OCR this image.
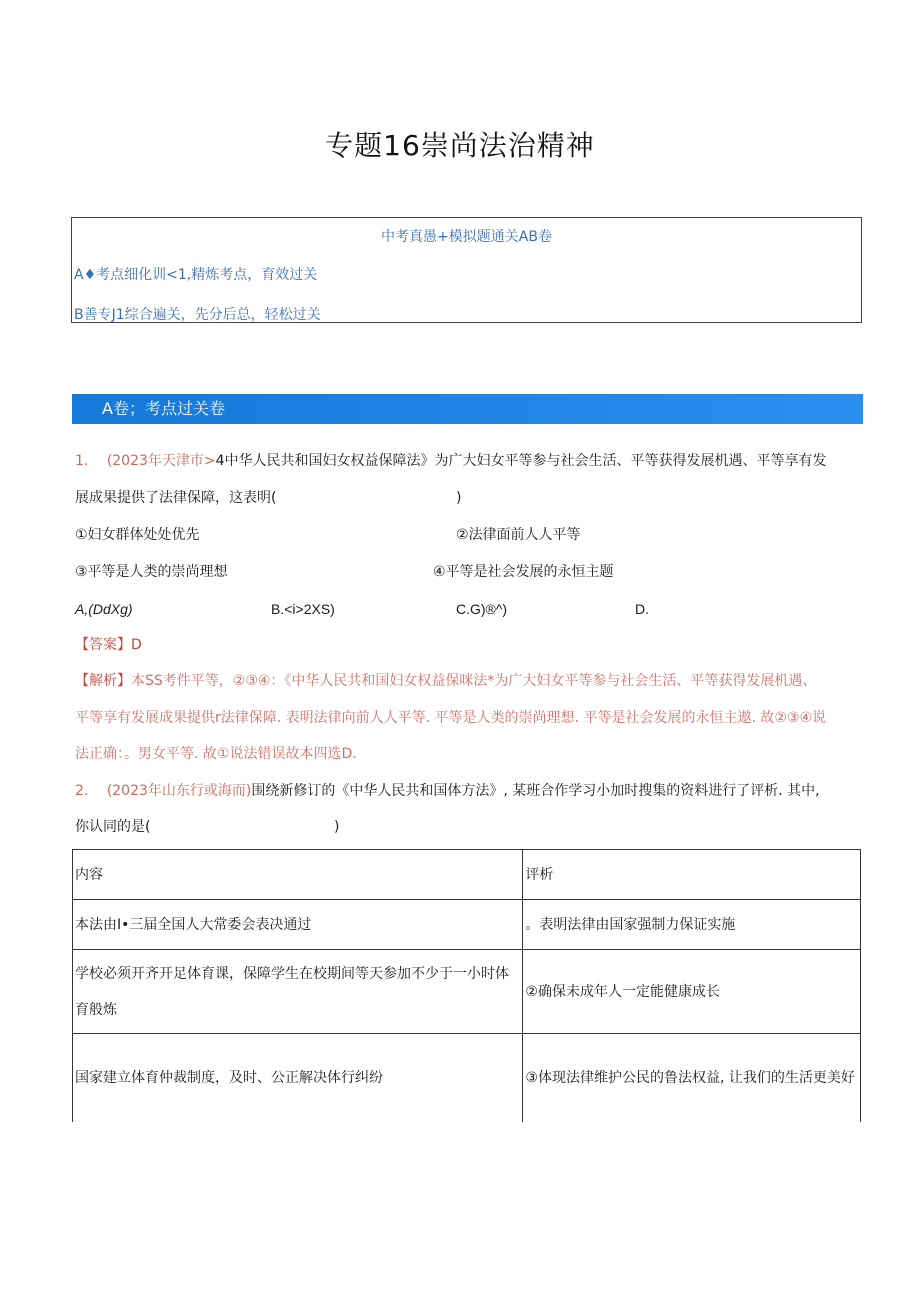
专题16崇尚法治精神
中考真愚+模拟题通关AB卷
A♦考点细化训<1,精炼考点，育效过关
B善专J1综合遍关，先分后总，轻松过关
A卷；考点过关卷
1. (2023年天津市>4中华人民共和国妇女权益保障法》为广大妇女平等参与社会生活、平等获得发展机遇、平等享有发
展成果提供了法律保障，这表明(	)
①妇女群体处处优先	②法律面前人人平等
③平等是人类的崇尚理想	④平等是社会发展的永恒主题
A,(DdXg)	B.<i>2XS)	C.G)®^)	D.
【答案】D
【解析】本SS考件平等，②③④：《中华人民共和国妇女权益保咪法*为广大妇女平等参与社会生活、平等获得发展机遇、
平等享有发展成果提供r法律保障. 表明法律向前人人平等. 平等是人类的崇尚理想. 平等是社会发展的永恒主遨. 故②③④说
法正确：。男女平等. 故①说法错误故本四选D.
2. (2023年山东行或海而)围绕新修订的《中华人民共和国体方法》, 某班合作学习小加时搜集的资料进行了评析. 其中,
你认同的是(	)
内容	评析
本法由I•三届全国人大常委会表决通过	。表明法律由国家强制力保证实施
学校必须开齐开足体育课，保障学生在校期间等天参加不少于一小时体育般炼	②确保未成年人一定能健康成长
国家建立体育仲裁制度，及时、公正解决体行纠纷	③体现法律维护公民的鲁法权益, 让我们的生活更美好
